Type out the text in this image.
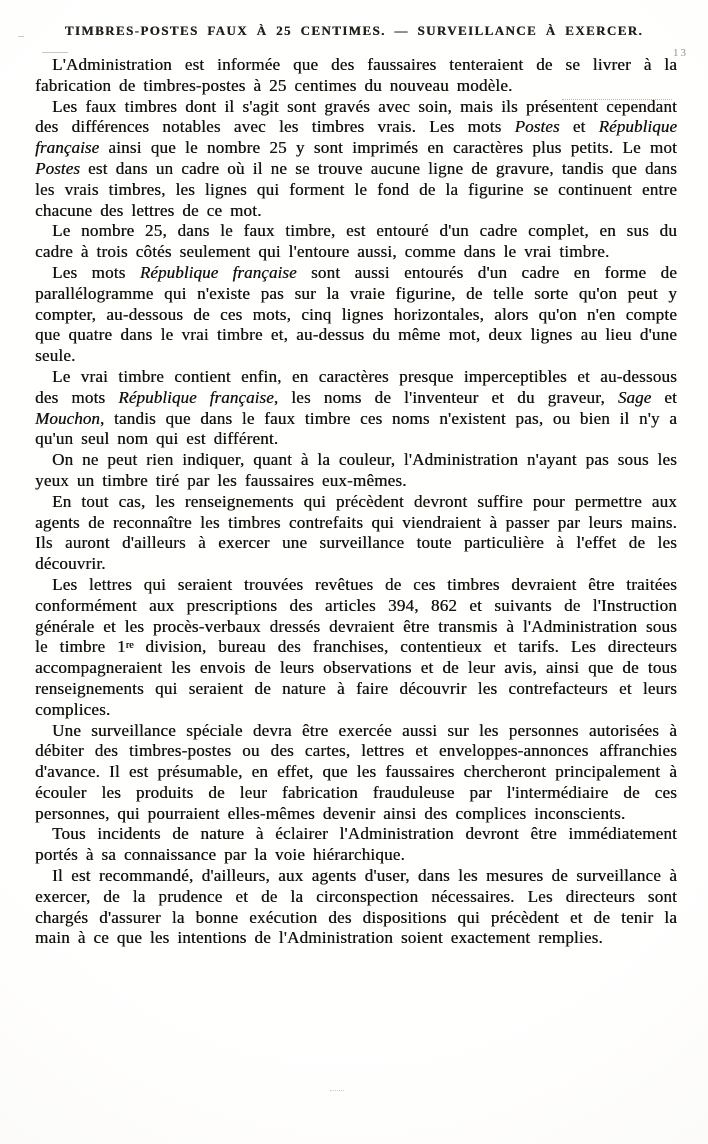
TIMBRES-POSTES FAUX À 25 CENTIMES. — SURVEILLANCE À EXERCER.
13

L'Administration est informée que des faussaires tenteraient de se livrer à la fabrication de timbres-postes à 25 centimes du nouveau modèle.

Les faux timbres dont il s'agit sont gravés avec soin, mais ils présentent cependant des différences notables avec les timbres vrais. Les mots Postes et République française ainsi que le nombre 25 y sont imprimés en caractères plus petits. Le mot Postes est dans un cadre où il ne se trouve aucune ligne de gravure, tandis que dans les vrais timbres, les lignes qui forment le fond de la figurine se continuent entre chacune des lettres de ce mot.

Le nombre 25, dans le faux timbre, est entouré d'un cadre complet, en sus du cadre à trois côtés seulement qui l'entoure aussi, comme dans le vrai timbre.

Les mots République française sont aussi entourés d'un cadre en forme de parallélogramme qui n'existe pas sur la vraie figurine, de telle sorte qu'on peut y compter, au-dessous de ces mots, cinq lignes horizontales, alors qu'on n'en compte que quatre dans le vrai timbre et, au-dessus du même mot, deux lignes au lieu d'une seule.

Le vrai timbre contient enfin, en caractères presque imperceptibles et au-dessous des mots République française, les noms de l'inventeur et du graveur, Sage et Mouchon, tandis que dans le faux timbre ces noms n'existent pas, ou bien il n'y a qu'un seul nom qui est différent.

On ne peut rien indiquer, quant à la couleur, l'Administration n'ayant pas sous les yeux un timbre tiré par les faussaires eux-mêmes.

En tout cas, les renseignements qui précèdent devront suffire pour permettre aux agents de reconnaître les timbres contrefaits qui viendraient à passer par leurs mains. Ils auront d'ailleurs à exercer une surveillance toute particulière à l'effet de les découvrir.

Les lettres qui seraient trouvées revêtues de ces timbres devraient être traitées conformément aux prescriptions des articles 394, 862 et suivants de l'Instruction générale et les procès-verbaux dressés devraient être transmis à l'Administration sous le timbre 1re division, bureau des franchises, contentieux et tarifs. Les directeurs accompagneraient les envois de leurs observations et de leur avis, ainsi que de tous renseignements qui seraient de nature à faire découvrir les contrefacteurs et leurs complices.

Une surveillance spéciale devra être exercée aussi sur les personnes autorisées à débiter des timbres-postes ou des cartes, lettres et enveloppes-annonces affranchies d'avance. Il est présumable, en effet, que les faussaires chercheront principalement à écouler les produits de leur fabrication frauduleuse par l'intermédiaire de ces personnes, qui pourraient elles-mêmes devenir ainsi des complices inconscients.

Tous incidents de nature à éclairer l'Administration devront être immédiatement portés à sa connaissance par la voie hiérarchique.

Il est recommandé, d'ailleurs, aux agents d'user, dans les mesures de surveillance à exercer, de la prudence et de la circonspection nécessaires. Les directeurs sont chargés d'assurer la bonne exécution des dispositions qui précèdent et de tenir la main à ce que les intentions de l'Administration soient exactement remplies.
